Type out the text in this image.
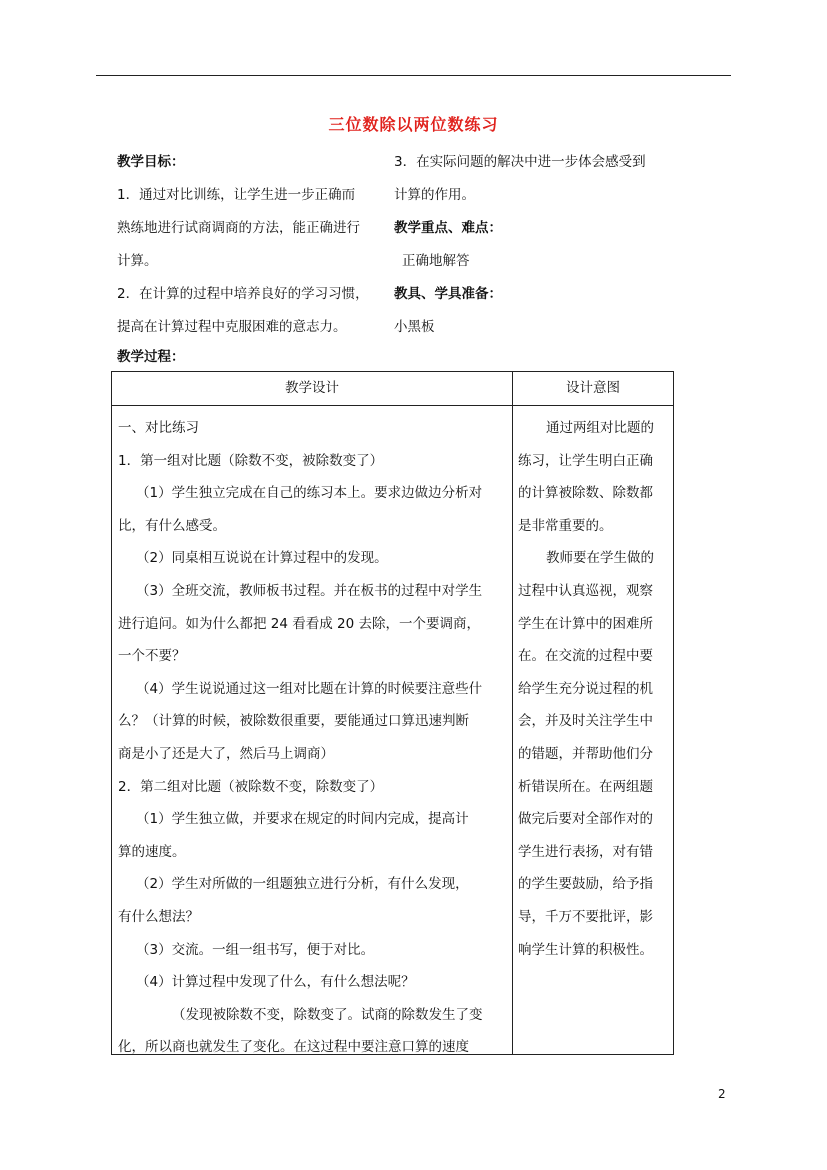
三位数除以两位数练习

教学目标：

1．通过对比训练，让学生进一步正确而

熟练地进行试商调商的方法，能正确进行

计算。

2．在计算的过程中培养良好的学习习惯，

提高在计算过程中克服困难的意志力。

3．在实际问题的解决中进一步体会感受到

计算的作用。

教学重点、难点：

正确地解答

教具、学具准备：

小黑板

教学过程：
教学设计	设计意图

一、对比练习

1．第一组对比题（除数不变，被除数变了）

（1）学生独立完成在自己的练习本上。要求边做边分析对

比，有什么感受。

（2）同桌相互说说在计算过程中的发现。

（3）全班交流，教师板书过程。并在板书的过程中对学生

进行追问。如为什么都把 24 看看成 20 去除，一个要调商，

一个不要？

（4）学生说说通过这一组对比题在计算的时候要注意些什

么？（计算的时候，被除数很重要，要能通过口算迅速判断

商是小了还是大了，然后马上调商）

2．第二组对比题（被除数不变，除数变了）

（1）学生独立做，并要求在规定的时间内完成，提高计

算的速度。

（2）学生对所做的一组题独立进行分析，有什么发现，

有什么想法？

（3）交流。一组一组书写，便于对比。

（4）计算过程中发现了什么，有什么想法呢？

（发现被除数不变，除数变了。试商的除数发生了变

化，所以商也就发生了变化。在这过程中要注意口算的速度

通过两组对比题的

练习，让学生明白正确

的计算被除数、除数都

是非常重要的。

教师要在学生做的

过程中认真巡视，观察

学生在计算中的困难所

在。在交流的过程中要

给学生充分说过程的机

会，并及时关注学生中

的错题，并帮助他们分

析错误所在。在两组题

做完后要对全部作对的

学生进行表扬，对有错

的学生要鼓励，给予指

导，千万不要批评，影

响学生计算的积极性。

2
